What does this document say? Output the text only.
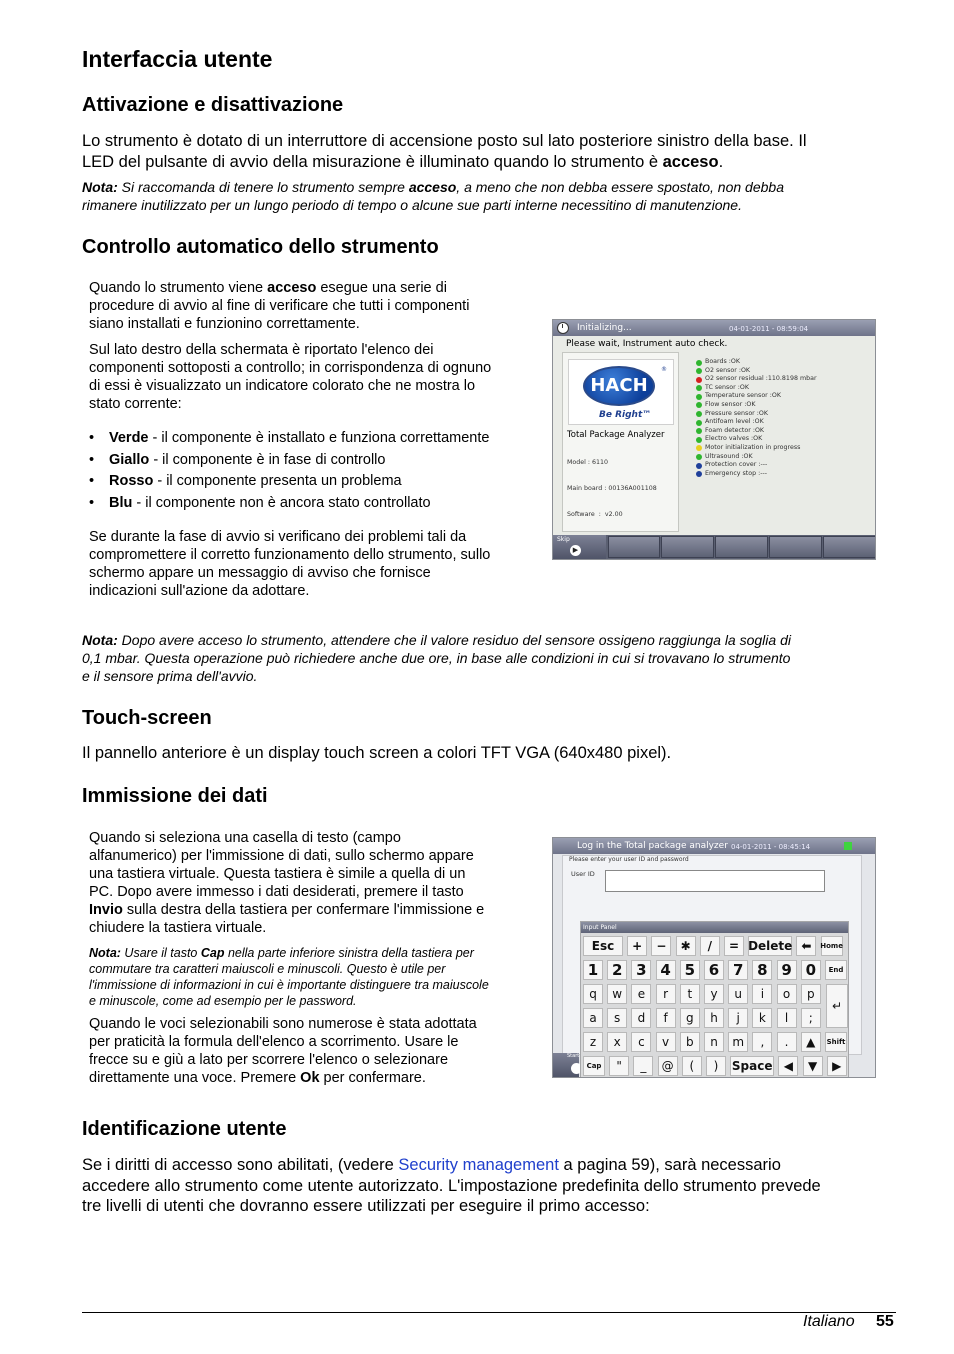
Interfaccia utente
Attivazione e disattivazione
Lo strumento è dotato di un interruttore di accensione posto sul lato posteriore sinistro della base. Il
LED del pulsante di avvio della misurazione è illuminato quando lo strumento è acceso.
Nota: Si raccomanda di tenere lo strumento sempre acceso, a meno che non debba essere spostato, non debba
rimanere inutilizzato per un lungo periodo di tempo o alcune sue parti interne necessitino di manutenzione.
Controllo automatico dello strumento
Quando lo strumento viene acceso esegue una serie di
procedure di avvio al fine di verificare che tutti i componenti
siano installati e funzionino correttamente.
Sul lato destro della schermata è riportato l'elenco dei
componenti sottoposti a controllo; in corrispondenza di ognuno
di essi è visualizzato un indicatore colorato che ne mostra lo
stato corrente:
• Verde - il componente è installato e funziona correttamente
• Giallo - il componente è in fase di controllo
• Rosso - il componente presenta un problema
• Blu - il componente non è ancora stato controllato
Se durante la fase di avvio si verificano dei problemi tali da
compromettere il corretto funzionamento dello strumento, sullo
schermo appare un messaggio di avviso che fornisce
indicazioni sull'azione da adottare.
Initializing...	04-01-2011 - 08:59:04
Please wait, Instrument auto check.
HACH
®
Be Right™
Total Package Analyzer

Model : 6110

Main board : 00136A001108

Software  :  v2.00

Boards :OK
O2 sensor :OK
O2 sensor residual :110.8198 mbar
TC sensor :OK
Temperature sensor :OK
Flow sensor :OK
Pressure sensor :OK
Antifoam level :OK
Foam detector :OK
Electro valves :OK
Motor initialization in progress
Ultrasound :OK
Protection cover :---
Emergency stop :---
Skip
▶
Nota: Dopo avere acceso lo strumento, attendere che il valore residuo del sensore ossigeno raggiunga la soglia di
0,1 mbar. Questa operazione può richiedere anche due ore, in base alle condizioni in cui si trovavano lo strumento
e il sensore prima dell'avvio.
Touch-screen
Il pannello anteriore è un display touch screen a colori TFT VGA (640x480 pixel).
Immissione dei dati
Quando si seleziona una casella di testo (campo
alfanumerico) per l'immissione di dati, sullo schermo appare
una tastiera virtuale. Questa tastiera è simile a quella di un
PC. Dopo avere immesso i dati desiderati, premere il tasto
Invio sulla destra della tastiera per confermare l'immissione e
chiudere la tastiera virtuale.
Nota: Usare il tasto Cap nella parte inferiore sinistra della tastiera per
commutare tra caratteri maiuscoli e minuscoli. Questo è utile per
l'immissione di informazioni in cui è importante distinguere tra maiuscole
e minuscole, come ad esempio per le password.
Quando le voci selezionabili sono numerose è stata adottata
per praticità la formula dell'elenco a scorrimento. Usare le
frecce su e giù a lato per scorrere l'elenco o selezionare
direttamente una voce. Premere Ok per confermare.
Log in the Total package analyzer 04-01-2011 - 08:45:14
Please enter your user ID and password
User ID
Start
Input Panel
Esc	+	−	✱	/	= Delete ⬅	Home
1 2 3 4 5 6 7 8 9 0	End
q	w	e	r	t	y	u	i	o	p
a	s	d	f	g	h	j	k	l	;
z	x	c	v	b	n	m	,	.	▲	Shift
Cap	"	_	@	(	)	Space ◀	▼	▶
↵
Identificazione utente
Se i diritti di accesso sono abilitati, (vedere Security management a pagina 59), sarà necessario
accedere allo strumento come utente autorizzato. L'impostazione predefinita dello strumento prevede
tre livelli di utenti che dovranno essere utilizzati per eseguire il primo accesso:
Italiano 55
